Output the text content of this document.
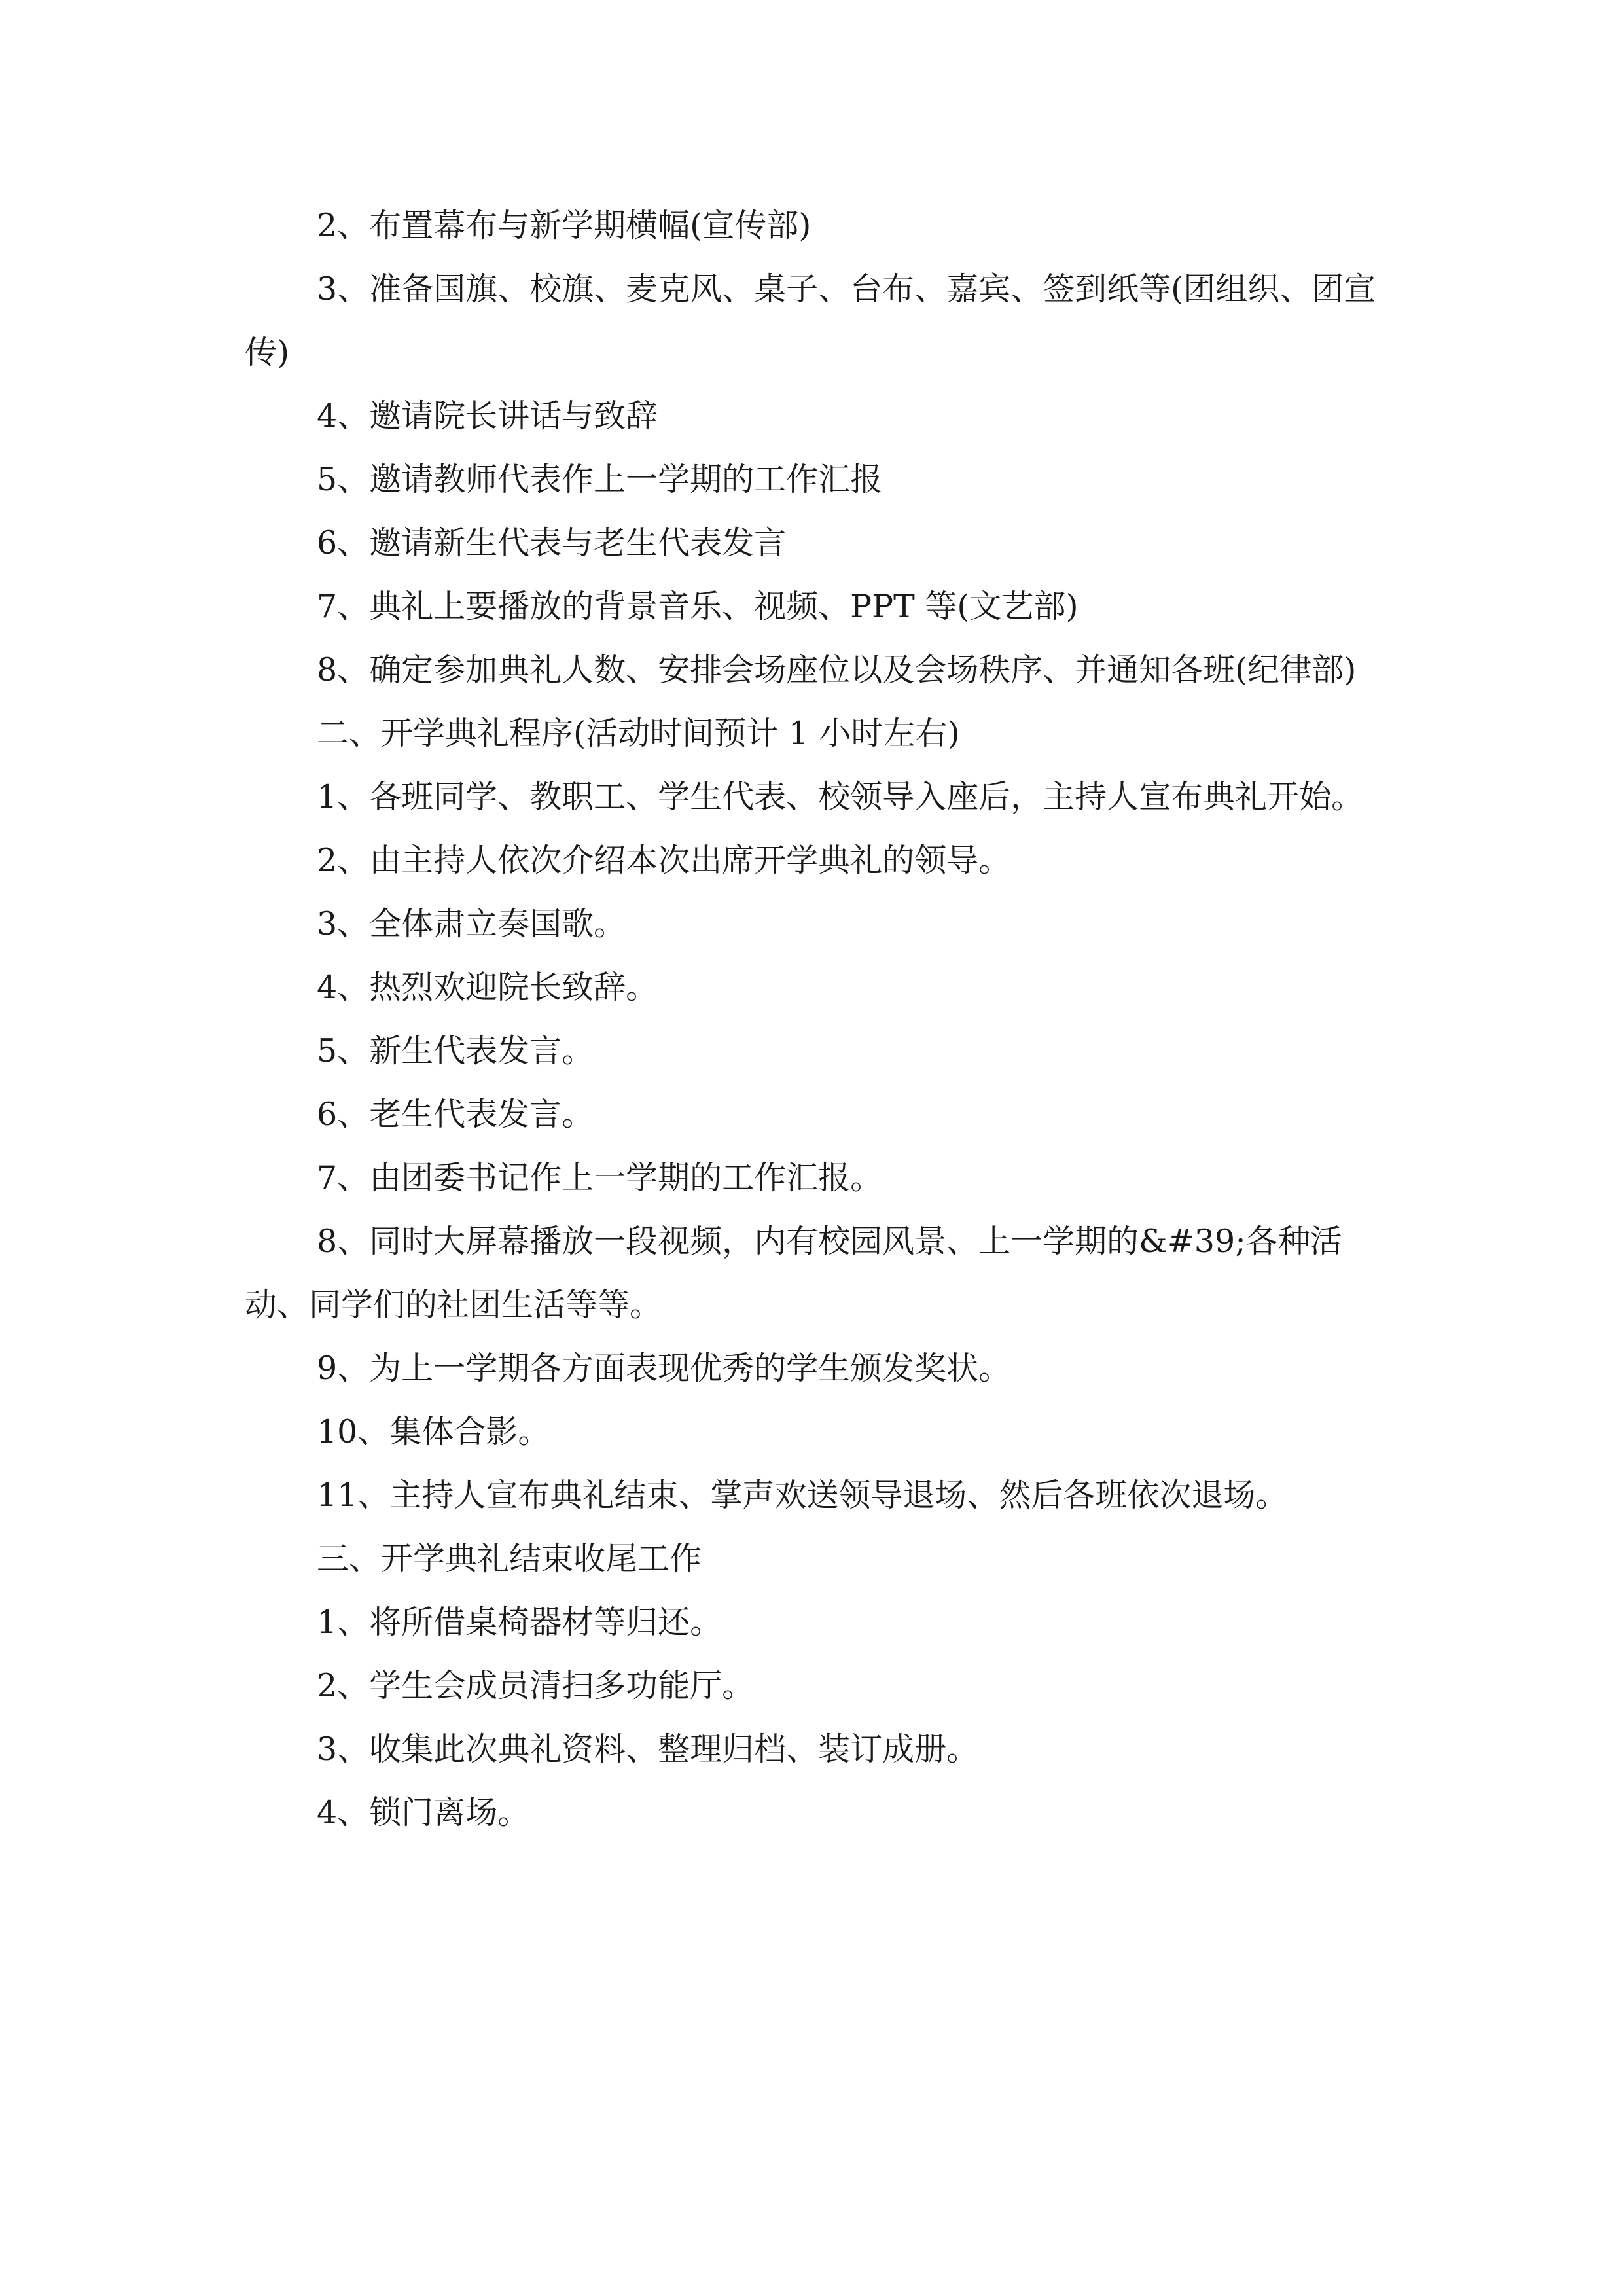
2、布置幕布与新学期横幅(宣传部)

3、准备国旗、校旗、麦克风、桌子、台布、嘉宾、签到纸等(团组织、团宣传)

4、邀请院长讲话与致辞

5、邀请教师代表作上一学期的工作汇报

6、邀请新生代表与老生代表发言

7、典礼上要播放的背景音乐、视频、PPT 等(文艺部)

8、确定参加典礼人数、安排会场座位以及会场秩序、并通知各班(纪律部)

二、开学典礼程序(活动时间预计 1 小时左右)

1、各班同学、教职工、学生代表、校领导入座后，主持人宣布典礼开始。

2、由主持人依次介绍本次出席开学典礼的领导。

3、全体肃立奏国歌。

4、热烈欢迎院长致辞。

5、新生代表发言。

6、老生代表发言。

7、由团委书记作上一学期的工作汇报。

8、同时大屏幕播放一段视频，内有校园风景、上一学期的&#39;各种活动、同学们的社团生活等等。

9、为上一学期各方面表现优秀的学生颁发奖状。

10、集体合影。

11、主持人宣布典礼结束、掌声欢送领导退场、然后各班依次退场。

三、开学典礼结束收尾工作

1、将所借桌椅器材等归还。

2、学生会成员清扫多功能厅。

3、收集此次典礼资料、整理归档、装订成册。

4、锁门离场。
